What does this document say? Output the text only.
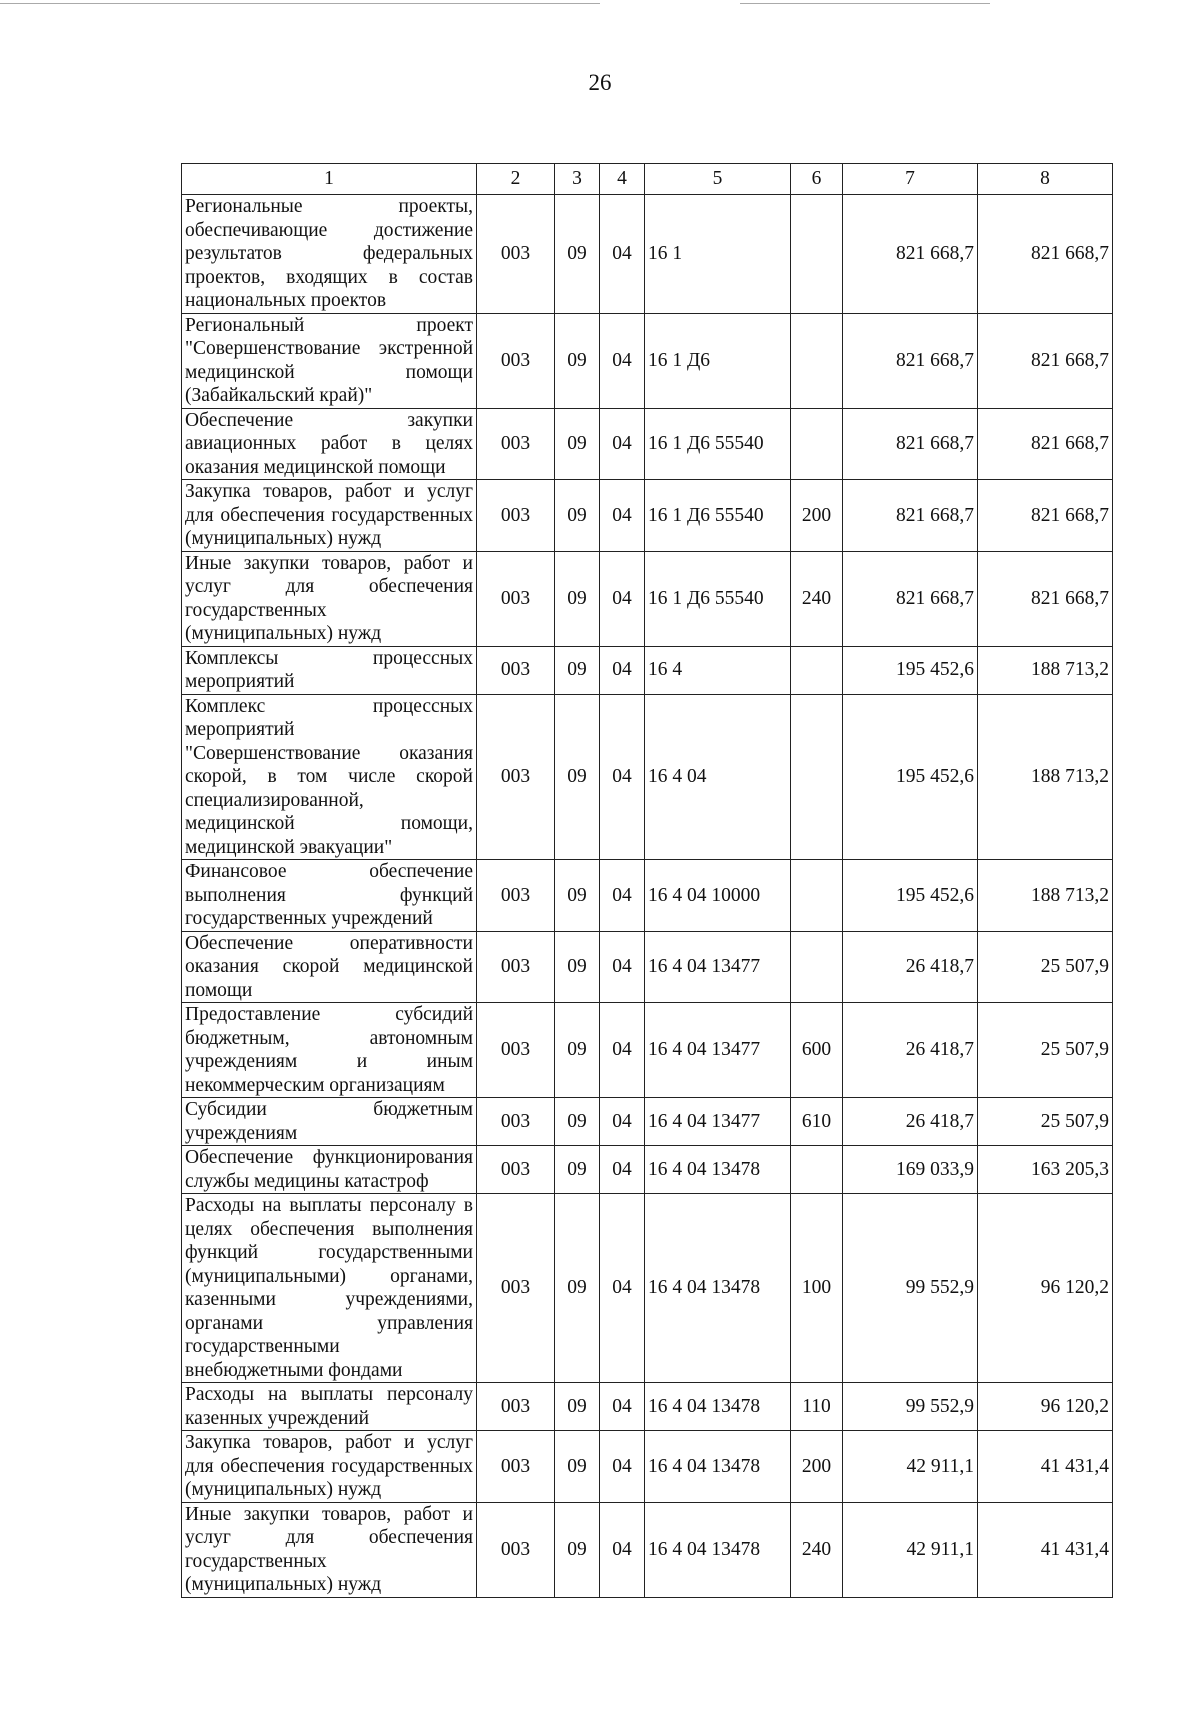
26
1	2	3	4	5	6	7	8
Региональные проекты, обеспечивающие достижение результатов федеральных проектов, входящих в состав национальных проектов	003	09	04	16 1		821 668,7	821 668,7
Региональный проект "Совершенствование экстренной медицинской помощи (Забайкальский край)"	003	09	04	16 1 Д6		821 668,7	821 668,7
Обеспечение закупки авиационных работ в целях оказания медицинской помощи	003	09	04	16 1 Д6 55540		821 668,7	821 668,7
Закупка товаров, работ и услуг для обеспечения государственных (муниципальных) нужд	003	09	04	16 1 Д6 55540	200	821 668,7	821 668,7
Иные закупки товаров, работ и услуг для обеспечения государственных (муниципальных) нужд	003	09	04	16 1 Д6 55540	240	821 668,7	821 668,7
Комплексы процессных мероприятий	003	09	04	16 4		195 452,6	188 713,2
Комплекс процессных мероприятий "Совершенствование оказания скорой, в том числе скорой специализированной, медицинской помощи, медицинской эвакуации"	003	09	04	16 4 04		195 452,6	188 713,2
Финансовое обеспечение выполнения функций государственных учреждений	003	09	04	16 4 04 10000		195 452,6	188 713,2
Обеспечение оперативности оказания скорой медицинской помощи	003	09	04	16 4 04 13477		26 418,7	25 507,9
Предоставление субсидий бюджетным, автономным учреждениям и иным некоммерческим организациям	003	09	04	16 4 04 13477	600	26 418,7	25 507,9
Субсидии бюджетным учреждениям	003	09	04	16 4 04 13477	610	26 418,7	25 507,9
Обеспечение функционирования службы медицины катастроф	003	09	04	16 4 04 13478		169 033,9	163 205,3
Расходы на выплаты персоналу в целях обеспечения выполнения функций государственными (муниципальными) органами, казенными учреждениями, органами управления государственными внебюджетными фондами	003	09	04	16 4 04 13478	100	99 552,9	96 120,2
Расходы на выплаты персоналу казенных учреждений	003	09	04	16 4 04 13478	110	99 552,9	96 120,2
Закупка товаров, работ и услуг для обеспечения государственных (муниципальных) нужд	003	09	04	16 4 04 13478	200	42 911,1	41 431,4
Иные закупки товаров, работ и услуг для обеспечения государственных (муниципальных) нужд	003	09	04	16 4 04 13478	240	42 911,1	41 431,4
